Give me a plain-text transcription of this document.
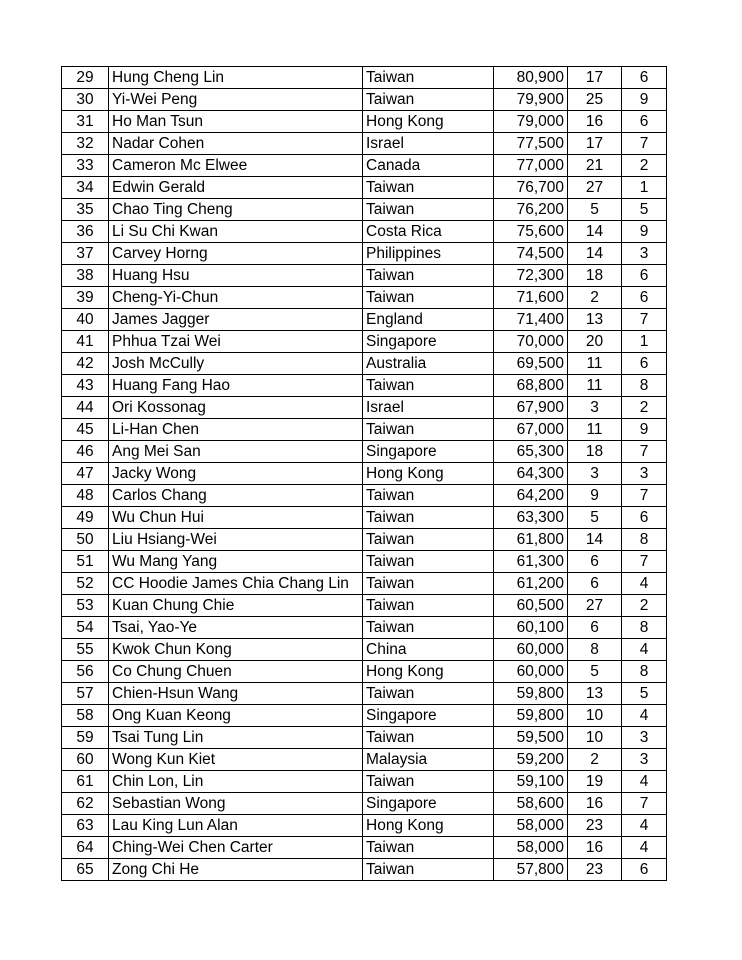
29	Hung Cheng Lin	Taiwan	80,900	17	6
30	Yi-Wei Peng	Taiwan	79,900	25	9
31	Ho Man Tsun	Hong Kong	79,000	16	6
32	Nadar Cohen	Israel	77,500	17	7
33	Cameron Mc Elwee	Canada	77,000	21	2
34	Edwin Gerald	Taiwan	76,700	27	1
35	Chao Ting Cheng	Taiwan	76,200	5	5
36	Li Su Chi Kwan	Costa Rica	75,600	14	9
37	Carvey Horng	Philippines	74,500	14	3
38	Huang Hsu	Taiwan	72,300	18	6
39	Cheng-Yi-Chun	Taiwan	71,600	2	6
40	James Jagger	England	71,400	13	7
41	Phhua Tzai Wei	Singapore	70,000	20	1
42	Josh McCully	Australia	69,500	11	6
43	Huang Fang Hao	Taiwan	68,800	11	8
44	Ori Kossonag	Israel	67,900	3	2
45	Li-Han Chen	Taiwan	67,000	11	9
46	Ang Mei San	Singapore	65,300	18	7
47	Jacky Wong	Hong Kong	64,300	3	3
48	Carlos Chang	Taiwan	64,200	9	7
49	Wu Chun Hui	Taiwan	63,300	5	6
50	Liu Hsiang-Wei	Taiwan	61,800	14	8
51	Wu Mang Yang	Taiwan	61,300	6	7
52	CC Hoodie James Chia Chang Lin	Taiwan	61,200	6	4
53	Kuan Chung Chie	Taiwan	60,500	27	2
54	Tsai, Yao-Ye	Taiwan	60,100	6	8
55	Kwok Chun Kong	China	60,000	8	4
56	Co Chung Chuen	Hong Kong	60,000	5	8
57	Chien-Hsun Wang	Taiwan	59,800	13	5
58	Ong Kuan Keong	Singapore	59,800	10	4
59	Tsai Tung Lin	Taiwan	59,500	10	3
60	Wong Kun Kiet	Malaysia	59,200	2	3
61	Chin Lon, Lin	Taiwan	59,100	19	4
62	Sebastian Wong	Singapore	58,600	16	7
63	Lau King Lun Alan	Hong Kong	58,000	23	4
64	Ching-Wei Chen Carter	Taiwan	58,000	16	4
65	Zong Chi He	Taiwan	57,800	23	6
